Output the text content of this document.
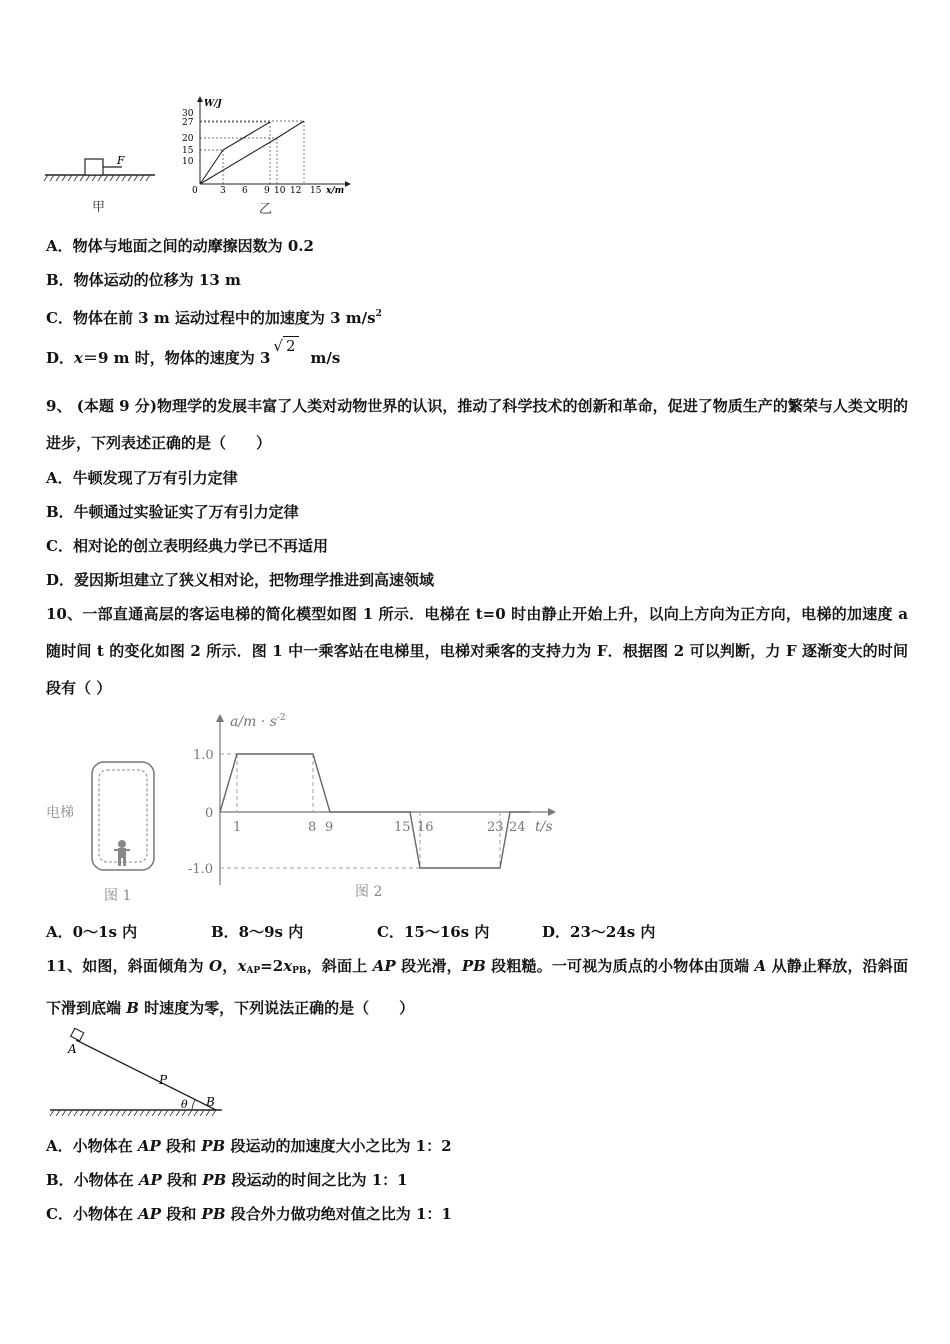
F
甲
W/J
30
27
20
15
10
0 3 6 9 10 12 15 x/m
乙
A．物体与地面之间的动摩擦因数为 0.2
B．物体运动的位移为 13 m
C．物体在前 3 m 运动过程中的加速度为 3 $m/s^2$
D．x＝9 m 时，物体的速度为 3√ 2m/s
9、 (本题 9 分)物理学的发展丰富了人类对动物世界的认识，推动了科学技术的创新和革命，促进了物质生产的繁荣与人类文明的进步，下列表述正确的是（　　）
A．牛顿发现了万有引力定律
B．牛顿通过实验证实了万有引力定律
C．相对论的创立表明经典力学已不再适用
D．爱因斯坦建立了狭义相对论，把物理学推进到高速领域
10、一部直通高层的客运电梯的简化模型如图 1 所示．电梯在 t=0 时由静止开始上升，以向上方向为正方向，电梯的加速度 a 随时间 t 的变化如图 2 所示．图 1 中一乘客站在电梯里，电梯对乘客的支持力为 F．根据图 2 可以判断，力 F 逐渐变大的时间段有（ ）
电梯
图 1
$a/m \cdot s^{-2}$
1.0
0
-1.0
1	8 9	15 16	23 24 t/s
图 2
A．0～1s 内	B．8～9s 内	C．15～16s 内	D．23～24s 内
11、如图，斜面倾角为 O，$x_{AP}=2x_{PB}$，斜面上 AP 段光滑，PB 段粗糙。一可视为质点的小物体由顶端 A 从静止释放，沿斜面下滑到底端 B 时速度为零，下列说法正确的是（　　）
A
P
θ B
A．小物体在 AP 段和 PB 段运动的加速度大小之比为 1：2
B．小物体在 AP 段和 PB 段运动的时间之比为 1：1
C．小物体在 AP 段和 PB 段合外力做功绝对值之比为 1：1
